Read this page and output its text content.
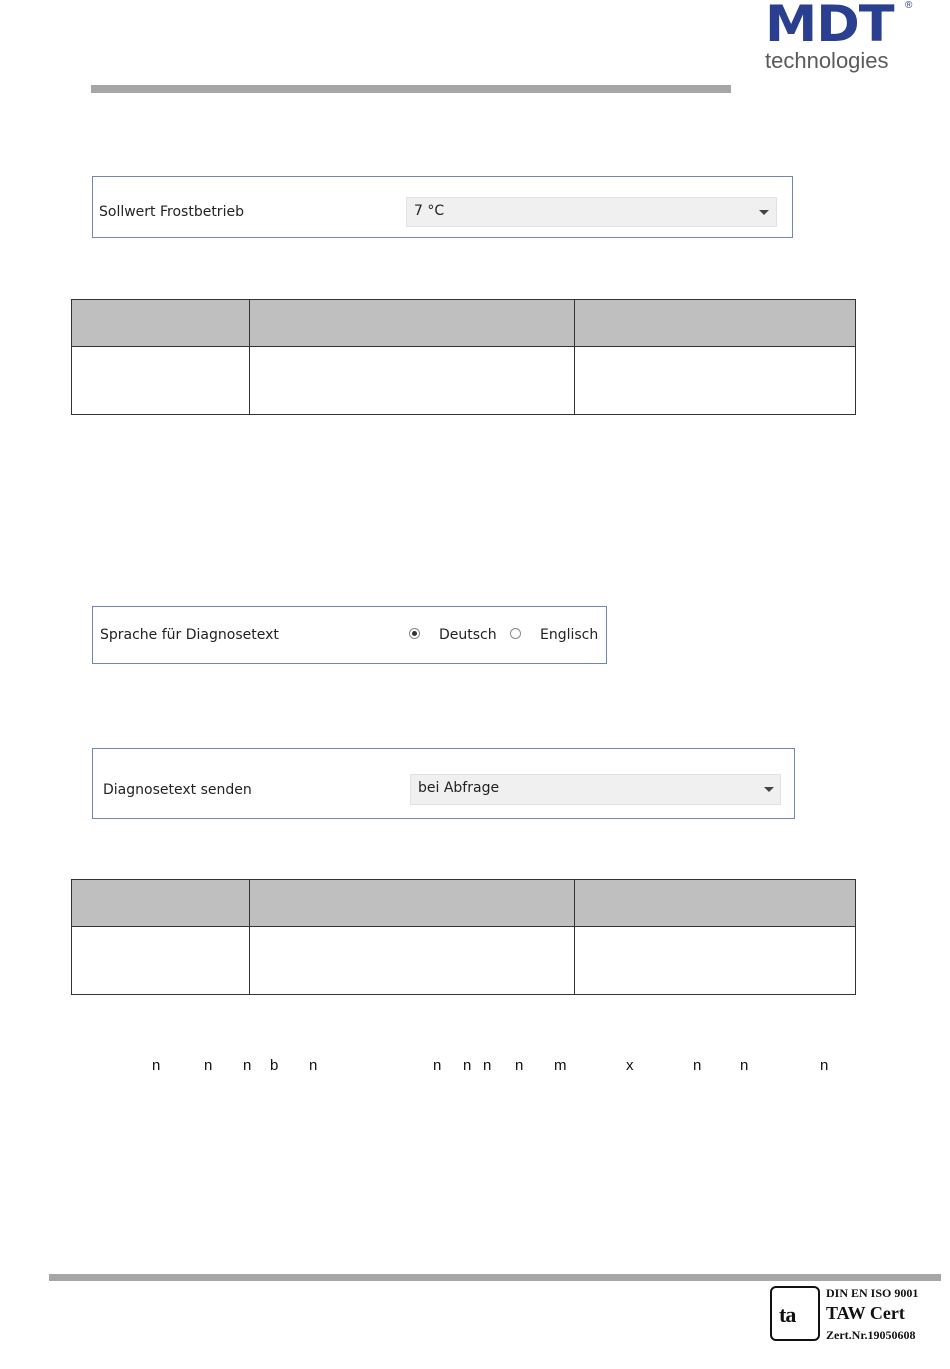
MDT	®
technologies
Sollwert Frostbetrieb	7 °C

Sprache für Diagnosetext	Deutsch	Englisch
Diagnosetext senden	bei Abfrage

n	n n b n	n n n n m	x	n	n	n
ta
DIN EN ISO 9001
TAW Cert
Zert.Nr.19050608
